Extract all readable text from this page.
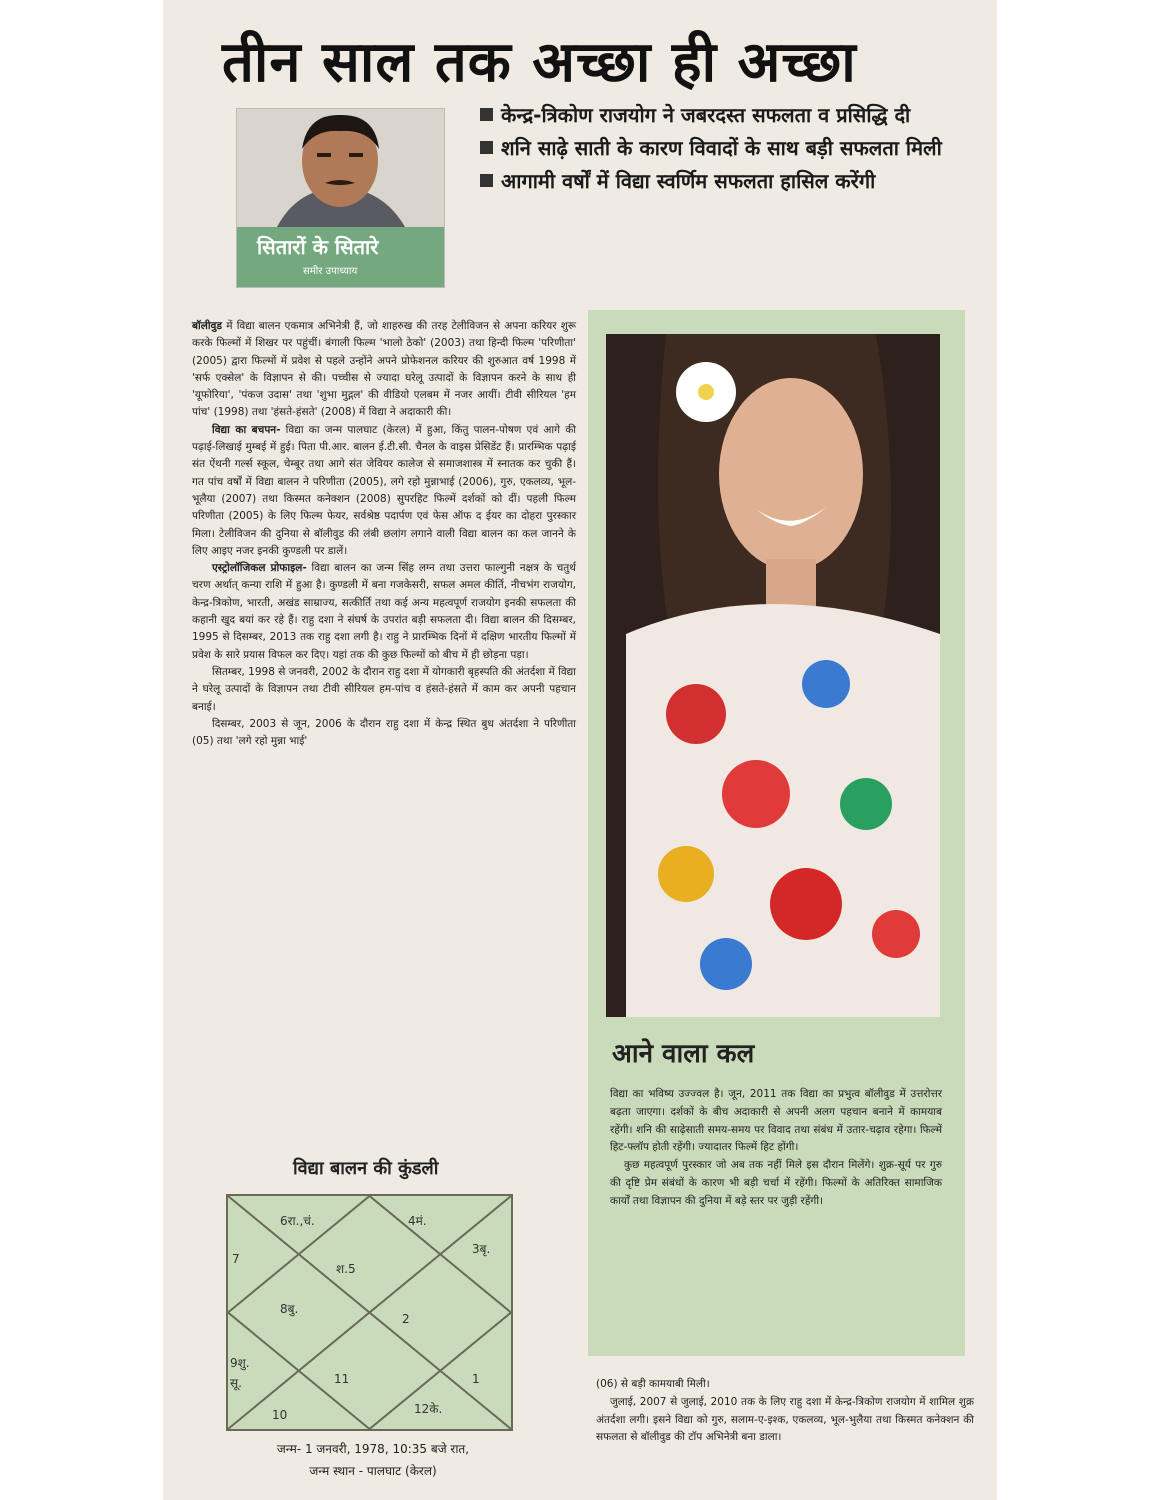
तीन साल तक अच्छा ही अच्छा
सितारों के सितारे
समीर उपाध्याय
केन्द्र-त्रिकोण राजयोग ने जबरदस्त सफलता व प्रसिद्धि दी
शनि साढ़े साती के कारण विवादों के साथ बड़ी सफलता मिली
आगामी वर्षों में विद्या स्वर्णिम सफलता हासिल करेंगी

बॉलीवुड में विद्या बालन एकमात्र अभिनेत्री हैं, जो शाहरुख की तरह टेलीविजन से अपना करियर शुरू करके फिल्मों में शिखर पर पहुंचीं। बंगाली फिल्म 'भालो ठेको' (2003) तथा हिन्दी फिल्म 'परिणीता' (2005) द्वारा फिल्मों में प्रवेश से पहले उन्होंने अपने प्रोफेशनल करियर की शुरुआत वर्ष 1998 में 'सर्फ एक्सेल' के विज्ञापन से की। पच्चीस से ज्यादा घरेलू उत्पादों के विज्ञापन करने के साथ ही 'यूफोरिया', 'पंकज उदास' तथा 'शुभा मुद्गल' की वीडियो एलबम में नजर आयीं। टीवी सीरियल 'हम पांच' (1998) तथा 'हंसते-हंसते' (2008) में विद्या ने अदाकारी की।

विद्या का बचपन- विद्या का जन्म पालघाट (केरल) में हुआ, किंतु पालन-पोषण एवं आगे की पढ़ाई-लिखाई मुम्बई में हुई। पिता पी.आर. बालन ई.टी.सी. चैनल के वाइस प्रेसिडेंट हैं। प्रारम्भिक पढ़ाई संत ऐंथनी गर्ल्स स्कूल, चेम्बूर तथा आगे संत जेवियर कालेज से समाजशास्त्र में स्नातक कर चुकी हैं। गत पांच वर्षों में विद्या बालन ने परिणीता (2005), लगे रहो मुन्नाभाई (2006), गुरु, एकलव्य, भूल-भूलैया (2007) तथा किस्मत कनेक्शन (2008) सुपरहिट फिल्में दर्शकों को दीं। पहली फिल्म परिणीता (2005) के लिए फिल्म फेयर, सर्वश्रेष्ठ पदार्पण एवं फेस ऑफ द ईयर का दोहरा पुरस्कार मिला। टेलीविजन की दुनिया से बॉलीवुड की लंबी छलांग लगाने वाली विद्या बालन का कल जानने के लिए आइए नजर इनकी कुण्डली पर डालें।

एस्ट्रोलॉजिकल प्रोफाइल- विद्या बालन का जन्म सिंह लग्न तथा उत्तरा फाल्गुनी नक्षत्र के चतुर्थ चरण अर्थात् कन्या राशि में हुआ है। कुण्डली में बना गजकेसरी, सफल अमल कीर्ति, नीचभंग राजयोग, केन्द्र-त्रिकोण, भारती, अखंड साम्राज्य, सत्कीर्ति तथा कई अन्य महत्वपूर्ण राजयोग इनकी सफलता की कहानी खुद बयां कर रहे हैं। राहु दशा ने संघर्ष के उपरांत बड़ी सफलता दी। विद्या बालन की दिसम्बर, 1995 से दिसम्बर, 2013 तक राहु दशा लगी है। राहु ने प्रारम्भिक दिनों में दक्षिण भारतीय फिल्मों में प्रवेश के सारे प्रयास विफल कर दिए। यहां तक की कुछ फिल्मों को बीच में ही छोड़ना पड़ा।

सितम्बर, 1998 से जनवरी, 2002 के दौरान राहु दशा में योगकारी बृहस्पति की अंतर्दशा में विद्या ने घरेलू उत्पादों के विज्ञापन तथा टीवी सीरियल हम-पांच व हंसते-हंसते में काम कर अपनी पहचान बनाई।

दिसम्बर, 2003 से जून, 2006 के दौरान राहु दशा में केन्द्र स्थित बुध अंतर्दशा ने परिणीता (05) तथा 'लगे रहो मुन्ना भाई'

आने वाला कल

विद्या का भविष्य उज्ज्वल है। जून, 2011 तक विद्या का प्रभुत्व बॉलीवुड में उत्तरोत्तर बढ़ता जाएगा। दर्शकों के बीच अदाकारी से अपनी अलग पहचान बनाने में कामयाब रहेंगी। शनि की साढ़ेसाती समय-समय पर विवाद तथा संबंध में उतार-चढ़ाव रहेगा। फिल्में हिट-फ्लॉप होती रहेंगी। ज्यादातर फिल्में हिट होंगी।

कुछ महत्वपूर्ण पुरस्कार जो अब तक नहीं मिले इस दौरान मिलेंगे। शुक्र-सूर्य पर गुरु की दृष्टि प्रेम संबंधों के कारण भी बड़ी चर्चा में रहेंगी। फिल्मों के अतिरिक्त सामाजिक कार्यों तथा विज्ञापन की दुनिया में बड़े स्तर पर जुड़ी रहेंगी।

(06) से बड़ी कामयाबी मिली।

जुलाई, 2007 से जुलाई, 2010 तक के लिए राहु दशा में केन्द्र-त्रिकोण राजयोग में शामिल शुक्र अंतर्दशा लगी। इसने विद्या को गुरु, सलाम-ए-इश्क, एकलव्य, भूल-भुलैया तथा किस्मत कनेक्शन की सफलता से बॉलीवुड की टॉप अभिनेत्री बना डाला।

विद्या बालन की कुंडली
6रा.,चं.	4मं.
3बृ.
7
श.5
8बु.
2
9शु.
सू.	11	1
12के.
10
जन्म- 1 जनवरी, 1978, 10:35 बजे रात,
जन्म स्थान - पालघाट (केरल)
